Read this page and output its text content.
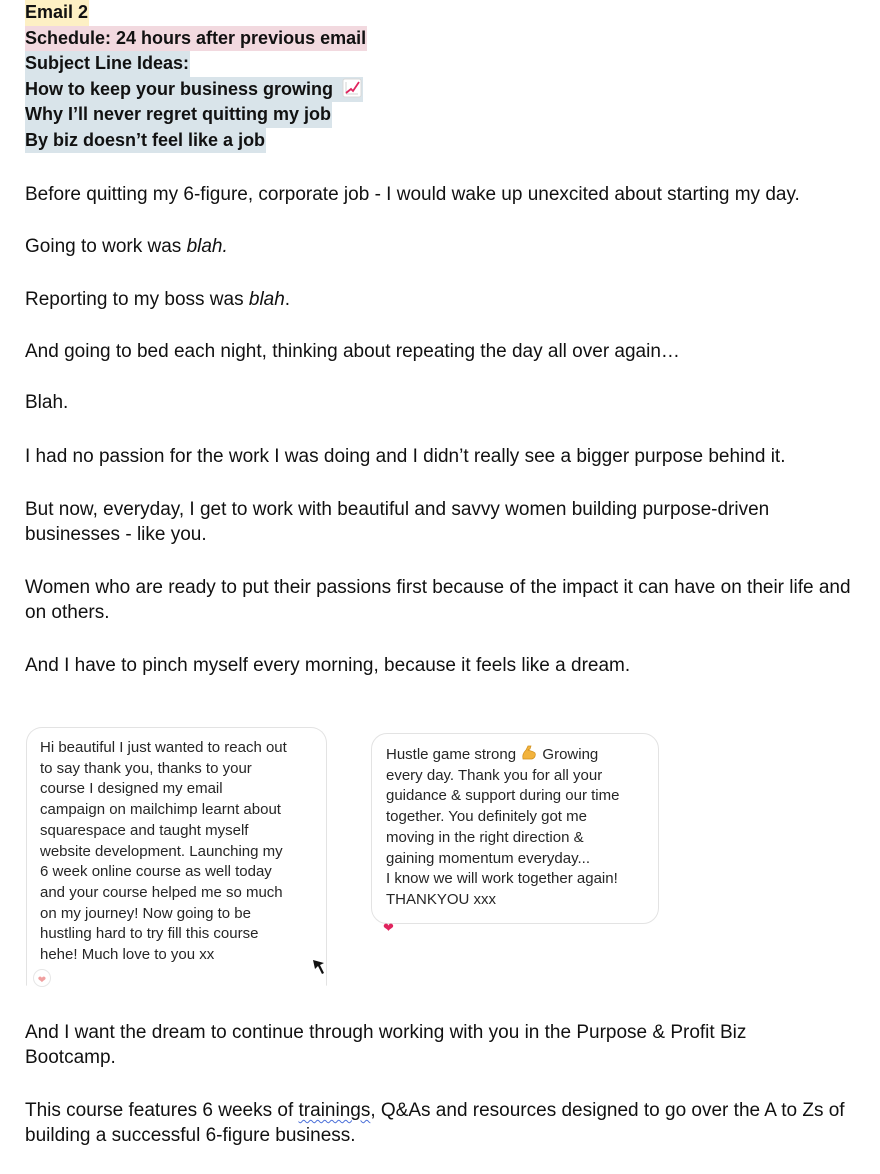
Email 2
Schedule: 24 hours after previous email
Subject Line Ideas:
How to keep your business growing
Why I’ll never regret quitting my job
By biz doesn’t feel like a job

Before quitting my 6-figure, corporate job - I would wake up unexcited about starting my day.

Going to work was blah.

Reporting to my boss was blah.

And going to bed each night, thinking about repeating the day all over again…

Blah.

I had no passion for the work I was doing and I didn’t really see a bigger purpose behind it.

But now, everyday, I get to work with beautiful and savvy women building purpose-driven businesses - like you.

Women who are ready to put their passions first because of the impact it can have on their life and on others.

And I have to pinch myself every morning, because it feels like a dream.

And I want the dream to continue through working with you in the Purpose & Profit Biz Bootcamp.

This course features 6 weeks of trainings, Q&As and resources designed to go over the A to Zs of building a successful 6-figure business.

Hi beautiful I just wanted to reach out
to say thank you, thanks to your
course I designed my email
campaign on mailchimp learnt about
squarespace and taught myself
website development. Launching my
6 week online course as well today
and your course helped me so much
on my journey! Now going to be
hustling hard to try fill this course
hehe! Much love to you xx

❤

Hustle game strong  Growing
every day. Thank you for all your
guidance & support during our time
together. You definitely got me
moving in the right direction &
gaining momentum everyday...
I know we will work together again!
THANKYOU xxx

❤
